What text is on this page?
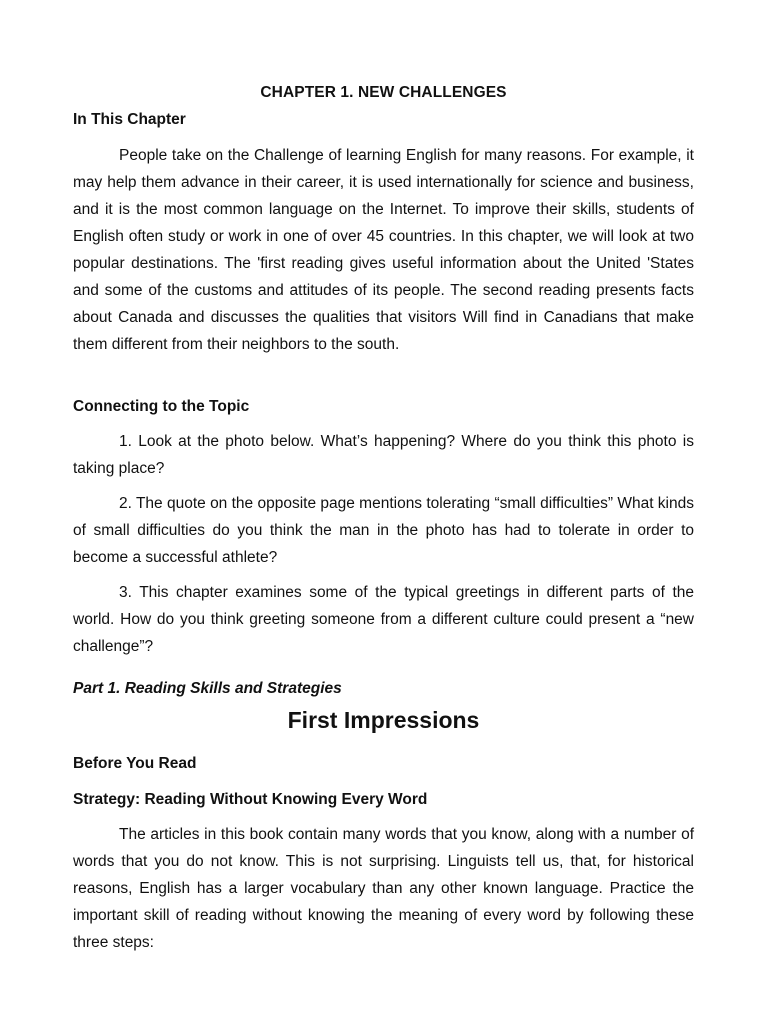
CHAPTER 1. NEW CHALLENGES
In This Chapter
People take on the Challenge of learning English for many reasons. For example, it may help them advance in their career, it is used internationally for science and business, and it is the most common language on the Internet. To improve their skills, students of English often study or work in one of over 45 countries. In this chapter, we will look at two popular destinations. The 'first reading gives useful information about the United 'States and some of the customs and attitudes of its people. The second reading presents facts about Canada and discusses the qualities that visitors Will find in Canadians that make them different from their neighbors to the south.
Connecting to the Topic
1. Look at the photo below. What’s happening? Where do you think this photo is taking place?
2. The quote on the opposite page mentions tolerating “small difficulties” What kinds of small difficulties do you think the man in the photo has had to tolerate in order to become a successful athlete?
3. This chapter examines some of the typical greetings in different parts of the world. How do you think greeting someone from a different culture could present a “new challenge”?
Part 1. Reading Skills and Strategies
First Impressions
Before You Read
Strategy: Reading Without Knowing Every Word
The articles in this book contain many words that you know, along with a number of words that you do not know. This is not surprising. Linguists tell us, that, for historical reasons, English has a larger vocabulary than any other known language. Practice the important skill of reading without knowing the meaning of every word by following these three steps:
